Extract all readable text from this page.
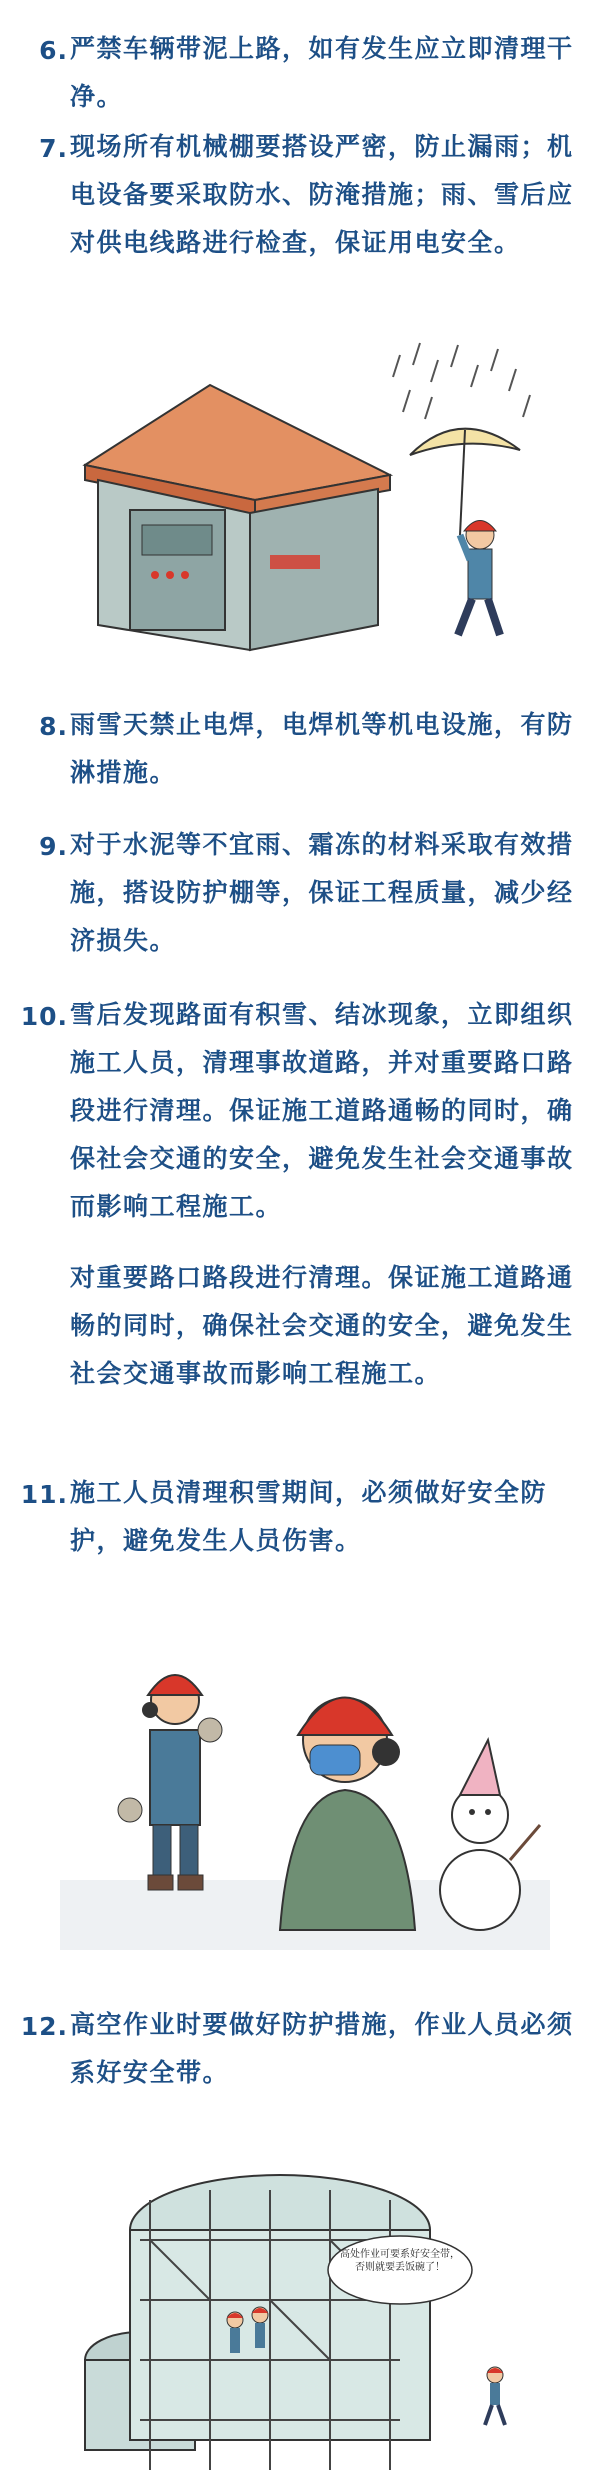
6. 严禁车辆带泥上路，如有发生应立即清理干净。
7. 现场所有机械棚要搭设严密，防止漏雨；机电设备要采取防水、防淹措施；雨、雪后应对供电线路进行检查，保证用电安全。
8. 雨雪天禁止电焊，电焊机等机电设施，有防淋措施。
9. 对于水泥等不宜雨、霜冻的材料采取有效措施，搭设防护棚等，保证工程质量，减少经济损失。
10. 雪后发现路面有积雪、结冰现象，立即组织施工人员，清理事故道路，并对重要路口路段进行清理。保证施工道路通畅的同时，确保社会交通的安全，避免发生社会交通事故而影响工程施工。
对重要路口路段进行清理。保证施工道路通畅的同时，确保社会交通的安全，避免发生社会交通事故而影响工程施工。
11. 施工人员清理积雪期间，必须做好安全防护，避免发生人员伤害。
12. 高空作业时要做好防护措施，作业人员必须系好安全带。
高处作业可要系好安全带，否则就要丢饭碗了！
